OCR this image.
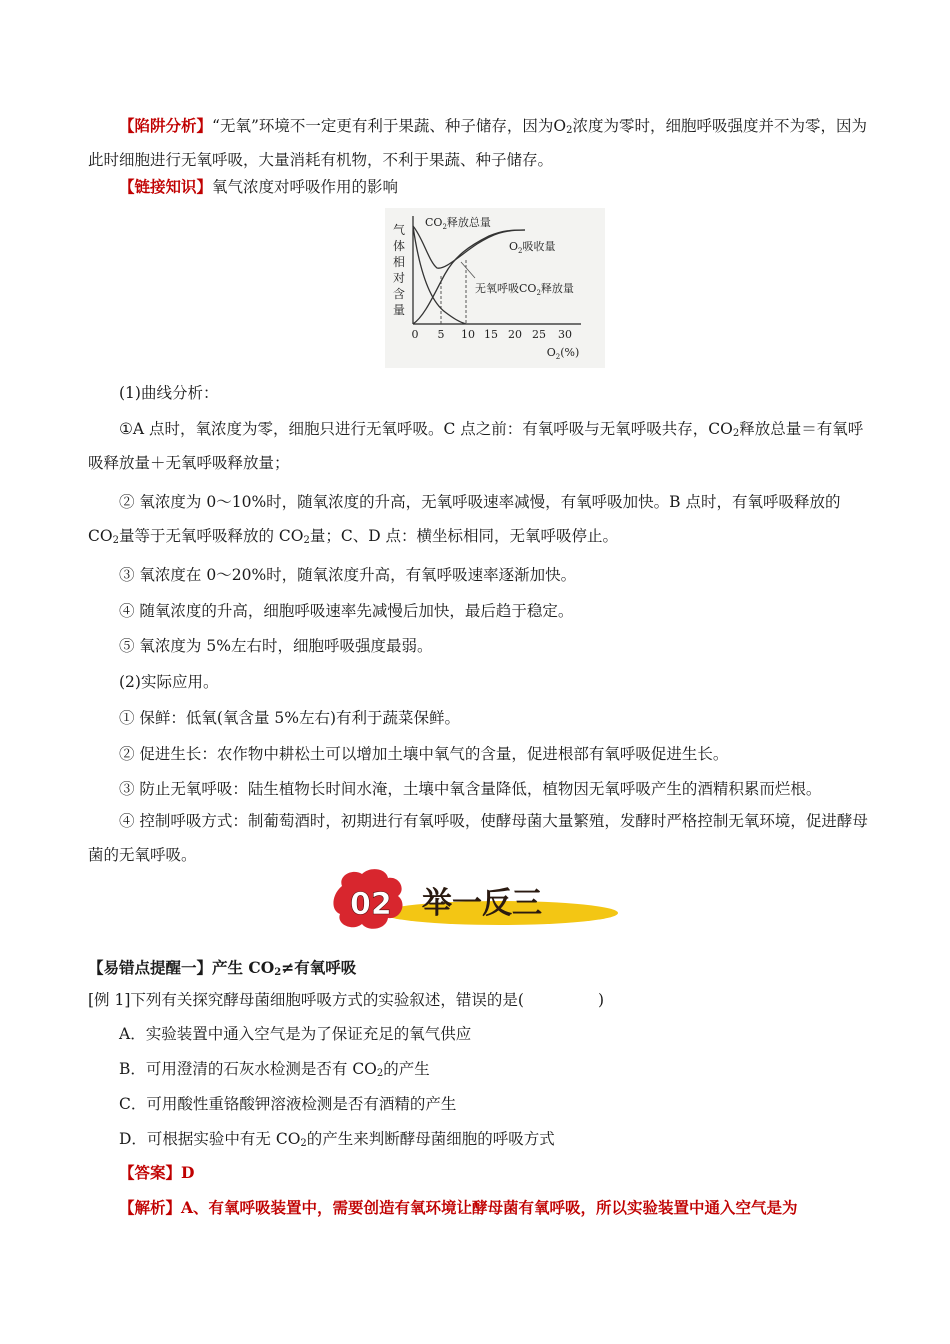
【陷阱分析】“无氧”环境不一定更有利于果蔬、种子储存，因为$O_2$浓度为零时，细胞呼吸强度并不为零，因为此时细胞进行无氧呼吸，大量消耗有机物，不利于果蔬、种子储存。

【链接知识】氧气浓度对呼吸作用的影响

气
体
相
对
含
量
$CO_2$释放总量
$O_2$吸收量
无氧呼吸$CO_2$释放量
0 5 10 15 20 25 30
$O_2(\%)$

(1)曲线分析：

①A 点时，氧浓度为零，细胞只进行无氧呼吸。C 点之前：有氧呼吸与无氧呼吸共存，$CO_2$释放总量＝有氧呼吸释放量＋无氧呼吸释放量；

② 氧浓度为 0～10%时，随氧浓度的升高，无氧呼吸速率减慢，有氧呼吸加快。B 点时，有氧呼吸释放的 $CO_2$量等于无氧呼吸释放的 $CO_2$量；C、D 点：横坐标相同，无氧呼吸停止。

③ 氧浓度在 0～20%时，随氧浓度升高，有氧呼吸速率逐渐加快。

④ 随氧浓度的升高，细胞呼吸速率先减慢后加快，最后趋于稳定。

⑤ 氧浓度为 5%左右时，细胞呼吸强度最弱。

(2)实际应用。

① 保鲜：低氧(氧含量 5%左右)有利于蔬菜保鲜。

② 促进生长：农作物中耕松土可以增加土壤中氧气的含量，促进根部有氧呼吸促进生长。

③ 防止无氧呼吸：陆生植物长时间水淹，土壤中氧含量降低，植物因无氧呼吸产生的酒精积累而烂根。

④ 控制呼吸方式：制葡萄酒时，初期进行有氧呼吸，使酵母菌大量繁殖，发酵时严格控制无氧环境，促进酵母菌的无氧呼吸。

02 举一反三

【易错点提醒一】产生 $CO_2\ne$有氧呼吸

[例 1]下列有关探究酵母菌细胞呼吸方式的实验叙述，错误的是(	)

A．实验装置中通入空气是为了保证充足的氧气供应

B．可用澄清的石灰水检测是否有 $CO_2$的产生

C．可用酸性重铬酸钾溶液检测是否有酒精的产生

D．可根据实验中有无 $CO_2$的产生来判断酵母菌细胞的呼吸方式

【答案】D

【解析】A、有氧呼吸装置中，需要创造有氧环境让酵母菌有氧呼吸，所以实验装置中通入空气是为
